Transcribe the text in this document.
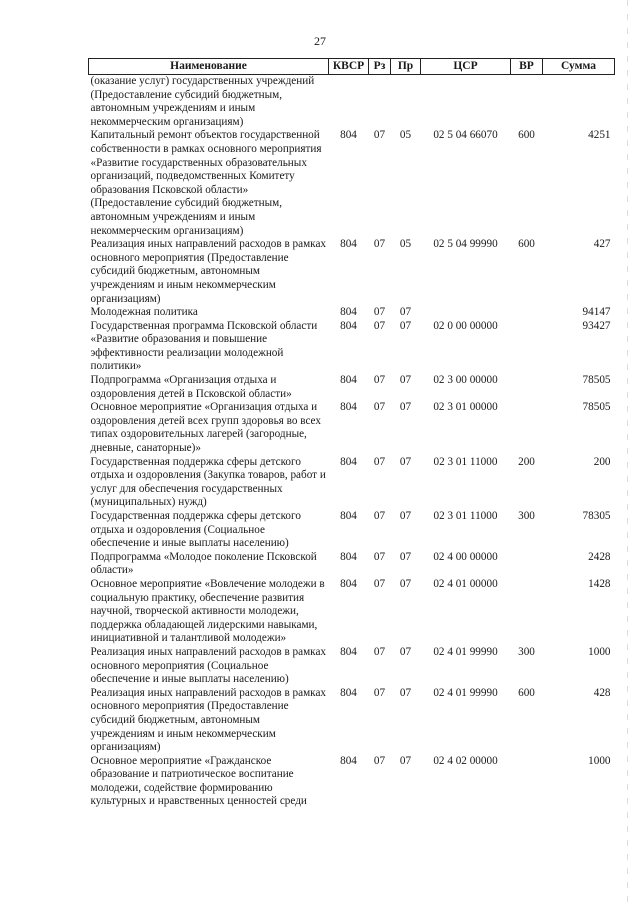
27
Наименование	КВСР	Рз	Пр	ЦСР	ВР	Сумма
(оказание услуг) государственных учреждений (Предоставление субсидий бюджетным, автономным учреждениям и иным некоммерческим организациям)						
Капитальный ремонт объектов государственной собственности в рамках основного мероприятия «Развитие государственных образовательных организаций, подведомственных Комитету образования Псковской области» (Предоставление субсидий бюджетным, автономным учреждениям и иным некоммерческим организациям)	804	07	05	02 5 04 66070	600	4251
Реализация иных направлений расходов в рамках основного мероприятия (Предоставление субсидий бюджетным, автономным учреждениям и иным некоммерческим организациям)	804	07	05	02 5 04 99990	600	427
Молодежная политика	804	07	07			94147
Государственная программа Псковской области «Развитие образования и повышение эффективности реализации молодежной политики»	804	07	07	02 0 00 00000		93427
Подпрограмма «Организация отдыха и оздоровления детей в Псковской области»	804	07	07	02 3 00 00000		78505
Основное мероприятие «Организация отдыха и оздоровления детей всех групп здоровья во всех типах оздоровительных лагерей (загородные, дневные, санаторные)»	804	07	07	02 3 01 00000		78505
Государственная поддержка сферы детского отдыха и оздоровления (Закупка товаров, работ и услуг для обеспечения государственных (муниципальных) нужд)	804	07	07	02 3 01 11000	200	200
Государственная поддержка сферы детского отдыха и оздоровления (Социальное обеспечение и иные выплаты населению)	804	07	07	02 3 01 11000	300	78305
Подпрограмма «Молодое поколение Псковской области»	804	07	07	02 4 00 00000		2428
Основное мероприятие «Вовлечение молодежи в социальную практику, обеспечение развития научной, творческой активности молодежи, поддержка обладающей лидерскими навыками, инициативной и талантливой молодежи»	804	07	07	02 4 01 00000		1428
Реализация иных направлений расходов в рамках основного мероприятия (Социальное обеспечение и иные выплаты населению)	804	07	07	02 4 01 99990	300	1000
Реализация иных направлений расходов в рамках основного мероприятия (Предоставление субсидий бюджетным, автономным учреждениям и иным некоммерческим организациям)	804	07	07	02 4 01 99990	600	428
Основное мероприятие «Гражданское образование и патриотическое воспитание молодежи, содействие формированию культурных и нравственных ценностей среди	804	07	07	02 4 02 00000		1000
